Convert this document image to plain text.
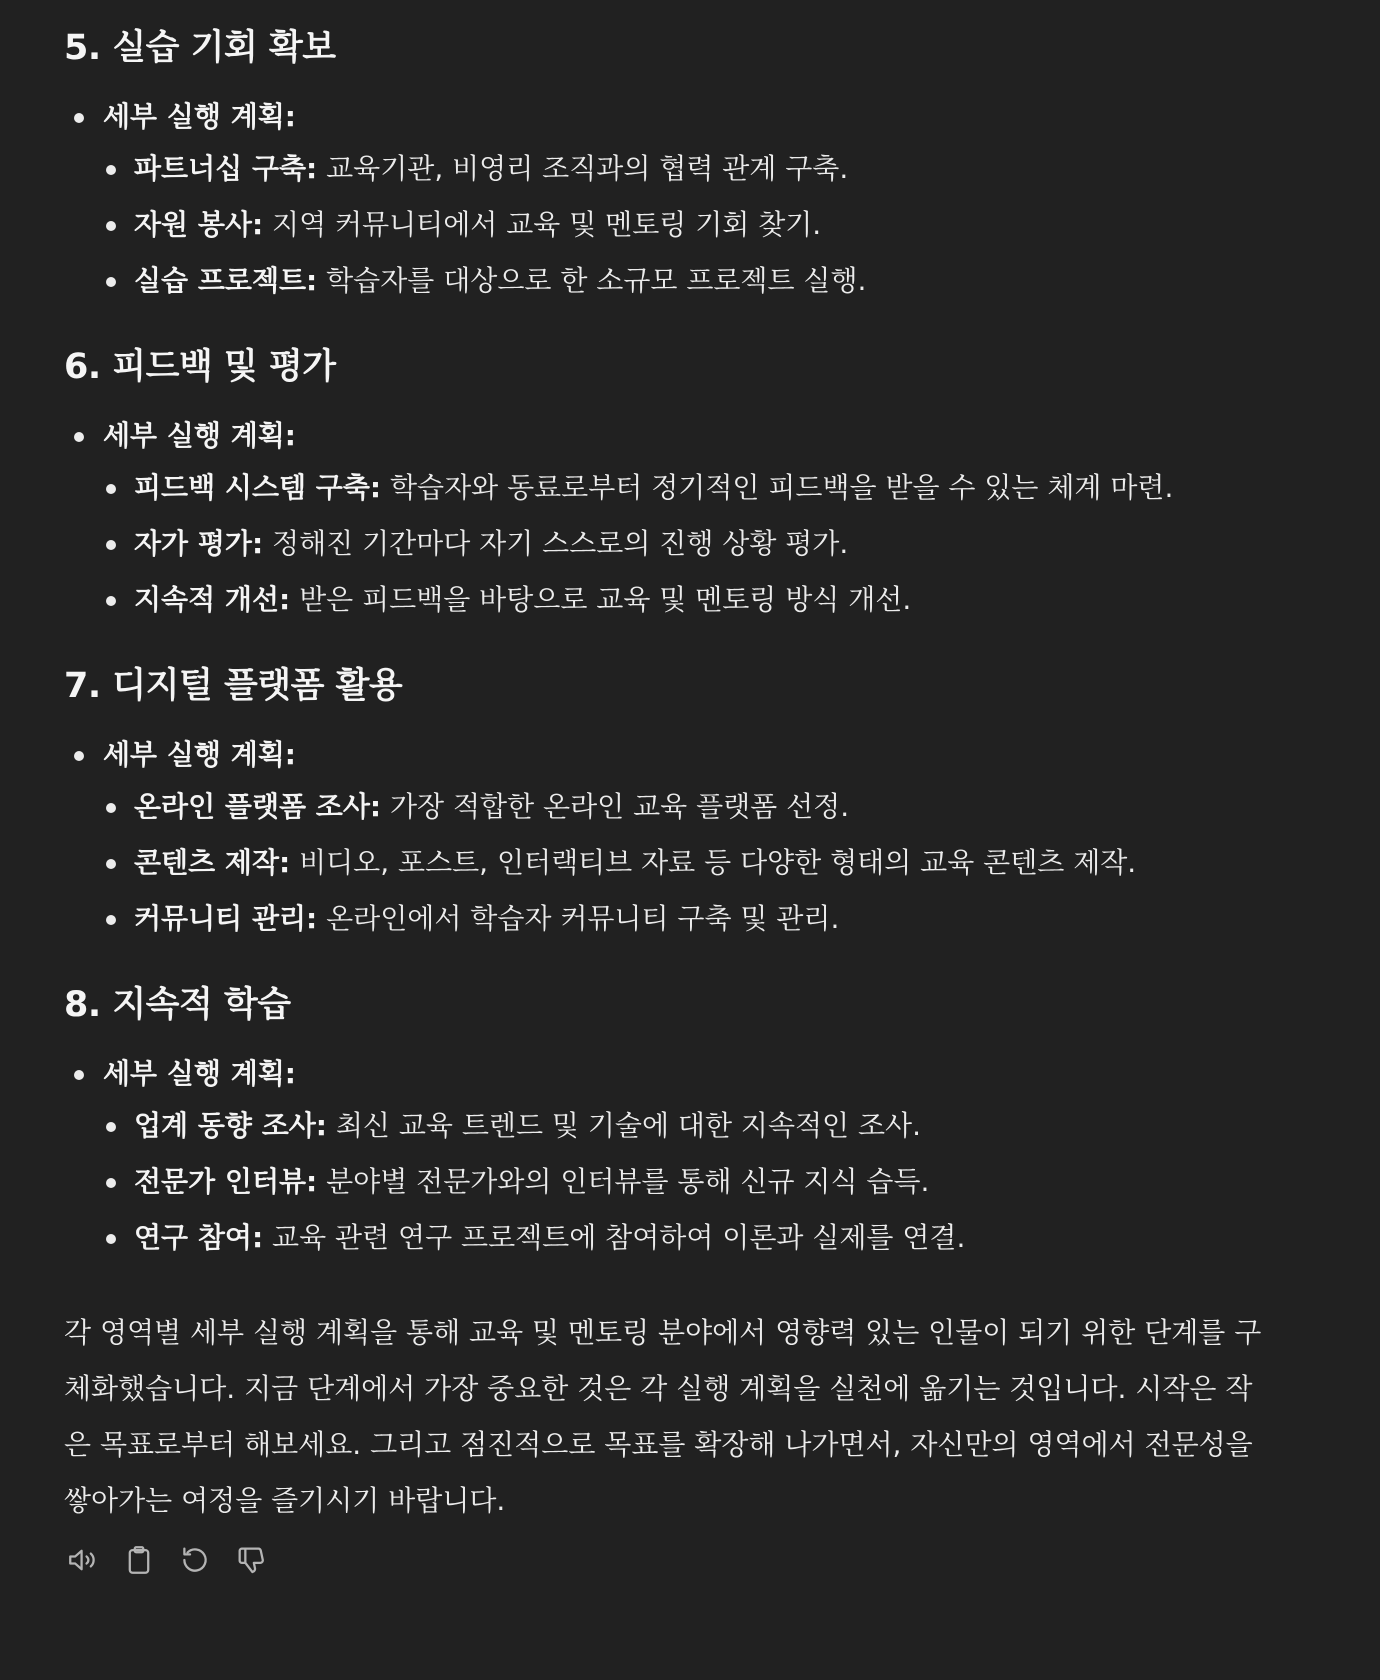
5. 실습 기회 확보
세부 실행 계획:
파트너십 구축: 교육기관, 비영리 조직과의 협력 관계 구축.
자원 봉사: 지역 커뮤니티에서 교육 및 멘토링 기회 찾기.
실습 프로젝트: 학습자를 대상으로 한 소규모 프로젝트 실행.
6. 피드백 및 평가
세부 실행 계획:
피드백 시스템 구축: 학습자와 동료로부터 정기적인 피드백을 받을 수 있는 체계 마련.
자가 평가: 정해진 기간마다 자기 스스로의 진행 상황 평가.
지속적 개선: 받은 피드백을 바탕으로 교육 및 멘토링 방식 개선.
7. 디지털 플랫폼 활용
세부 실행 계획:
온라인 플랫폼 조사: 가장 적합한 온라인 교육 플랫폼 선정.
콘텐츠 제작: 비디오, 포스트, 인터랙티브 자료 등 다양한 형태의 교육 콘텐츠 제작.
커뮤니티 관리: 온라인에서 학습자 커뮤니티 구축 및 관리.
8. 지속적 학습
세부 실행 계획:
업계 동향 조사: 최신 교육 트렌드 및 기술에 대한 지속적인 조사.
전문가 인터뷰: 분야별 전문가와의 인터뷰를 통해 신규 지식 습득.
연구 참여: 교육 관련 연구 프로젝트에 참여하여 이론과 실제를 연결.

각 영역별 세부 실행 계획을 통해 교육 및 멘토링 분야에서 영향력 있는 인물이 되기 위한 단계를 구체화했습니다. 지금 단계에서 가장 중요한 것은 각 실행 계획을 실천에 옮기는 것입니다. 시작은 작은 목표로부터 해보세요. 그리고 점진적으로 목표를 확장해 나가면서, 자신만의 영역에서 전문성을 쌓아가는 여정을 즐기시기 바랍니다.
